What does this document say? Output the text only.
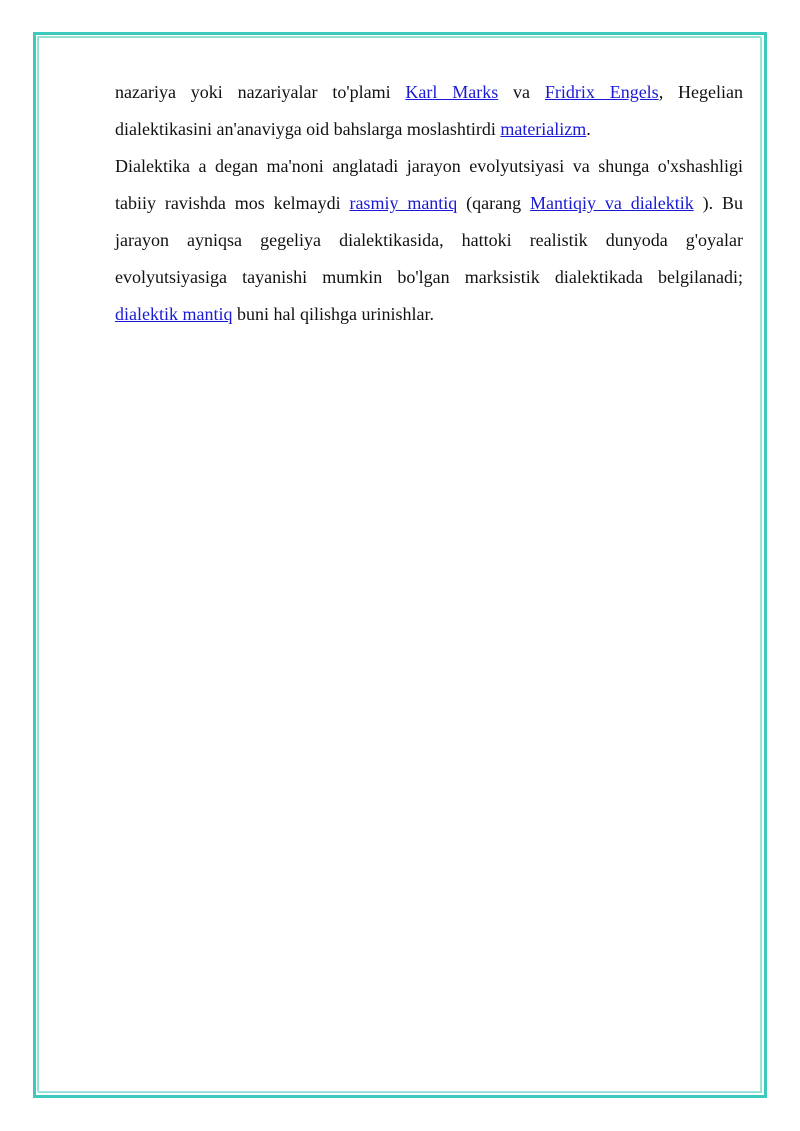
nazariya yoki nazariyalar to'plami Karl Marks va Fridrix Engels, Hegelian dialektikasini an'anaviyga oid bahslarga moslashtirdi materializm.

Dialektika a degan ma'noni anglatadi jarayon evolyutsiyasi va shunga o'xshashligi tabiiy ravishda mos kelmaydi rasmiy mantiq (qarang Mantiqiy va dialektik ). Bu jarayon ayniqsa gegeliya dialektikasida, hattoki realistik dunyoda g'oyalar evolyutsiyasiga tayanishi mumkin bo'lgan marksistik dialektikada belgilanadi; dialektik mantiq buni hal qilishga urinishlar.
